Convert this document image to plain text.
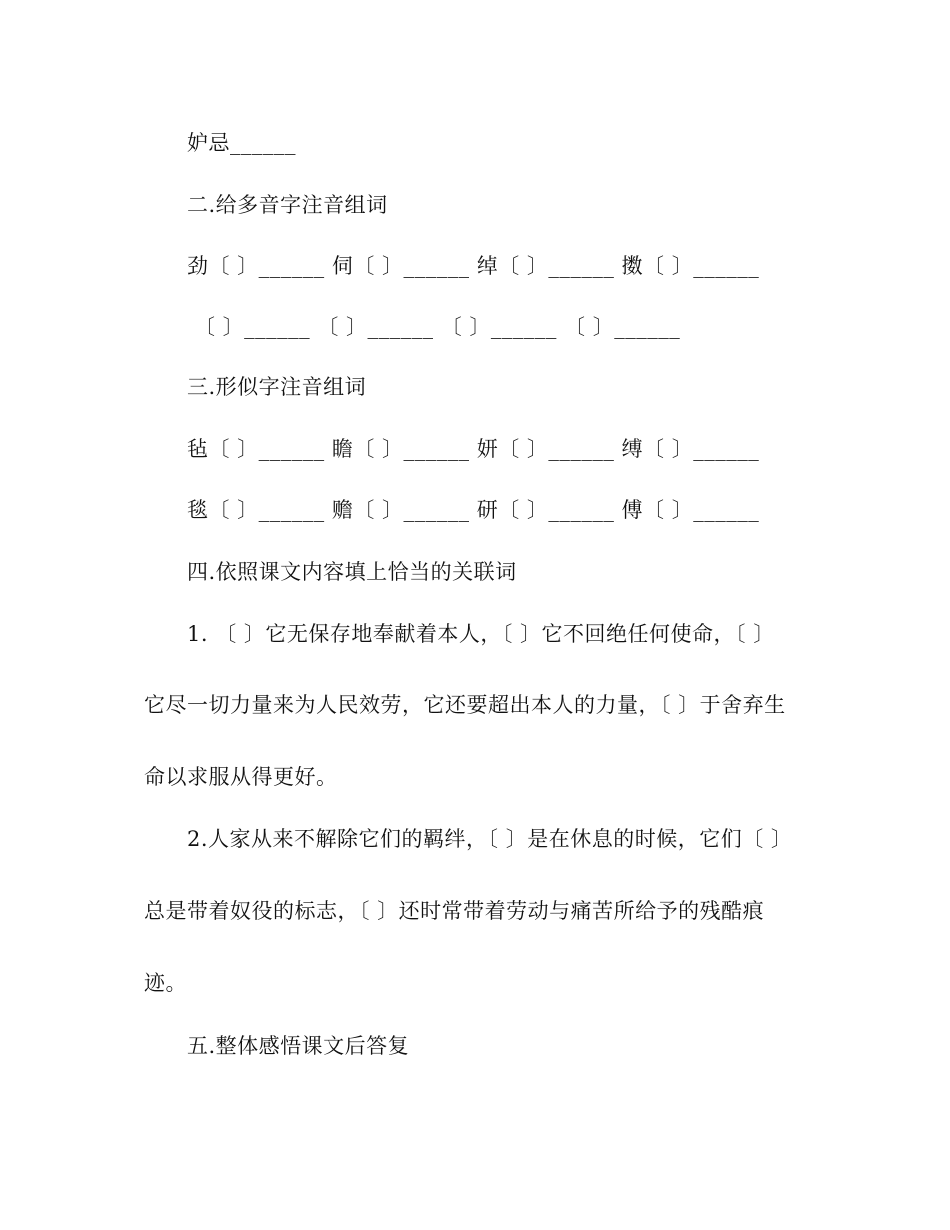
妒忌______
二.给多音字注音组词
劲〔 〕______ 伺〔 〕______ 绰〔 〕______ 擞〔 〕______
〔 〕______ 〔 〕______ 〔 〕______ 〔 〕______
三.形似字注音组词
毡〔 〕______ 瞻〔 〕______ 妍〔 〕______ 缚〔 〕______
毯〔 〕______ 赡〔 〕______ 研〔 〕______ 傅〔 〕______
四.依照课文内容填上恰当的关联词
1. 〔 〕它无保存地奉献着本人，〔 〕它不回绝任何使命，〔 〕
它尽一切力量来为人民效劳，它还要超出本人的力量，〔 〕于舍弃生
命以求服从得更好。
2.人家从来不解除它们的羁绊，〔 〕是在休息的时候，它们〔 〕
总是带着奴役的标志，〔 〕还时常带着劳动与痛苦所给予的残酷痕
迹。
五.整体感悟课文后答复
